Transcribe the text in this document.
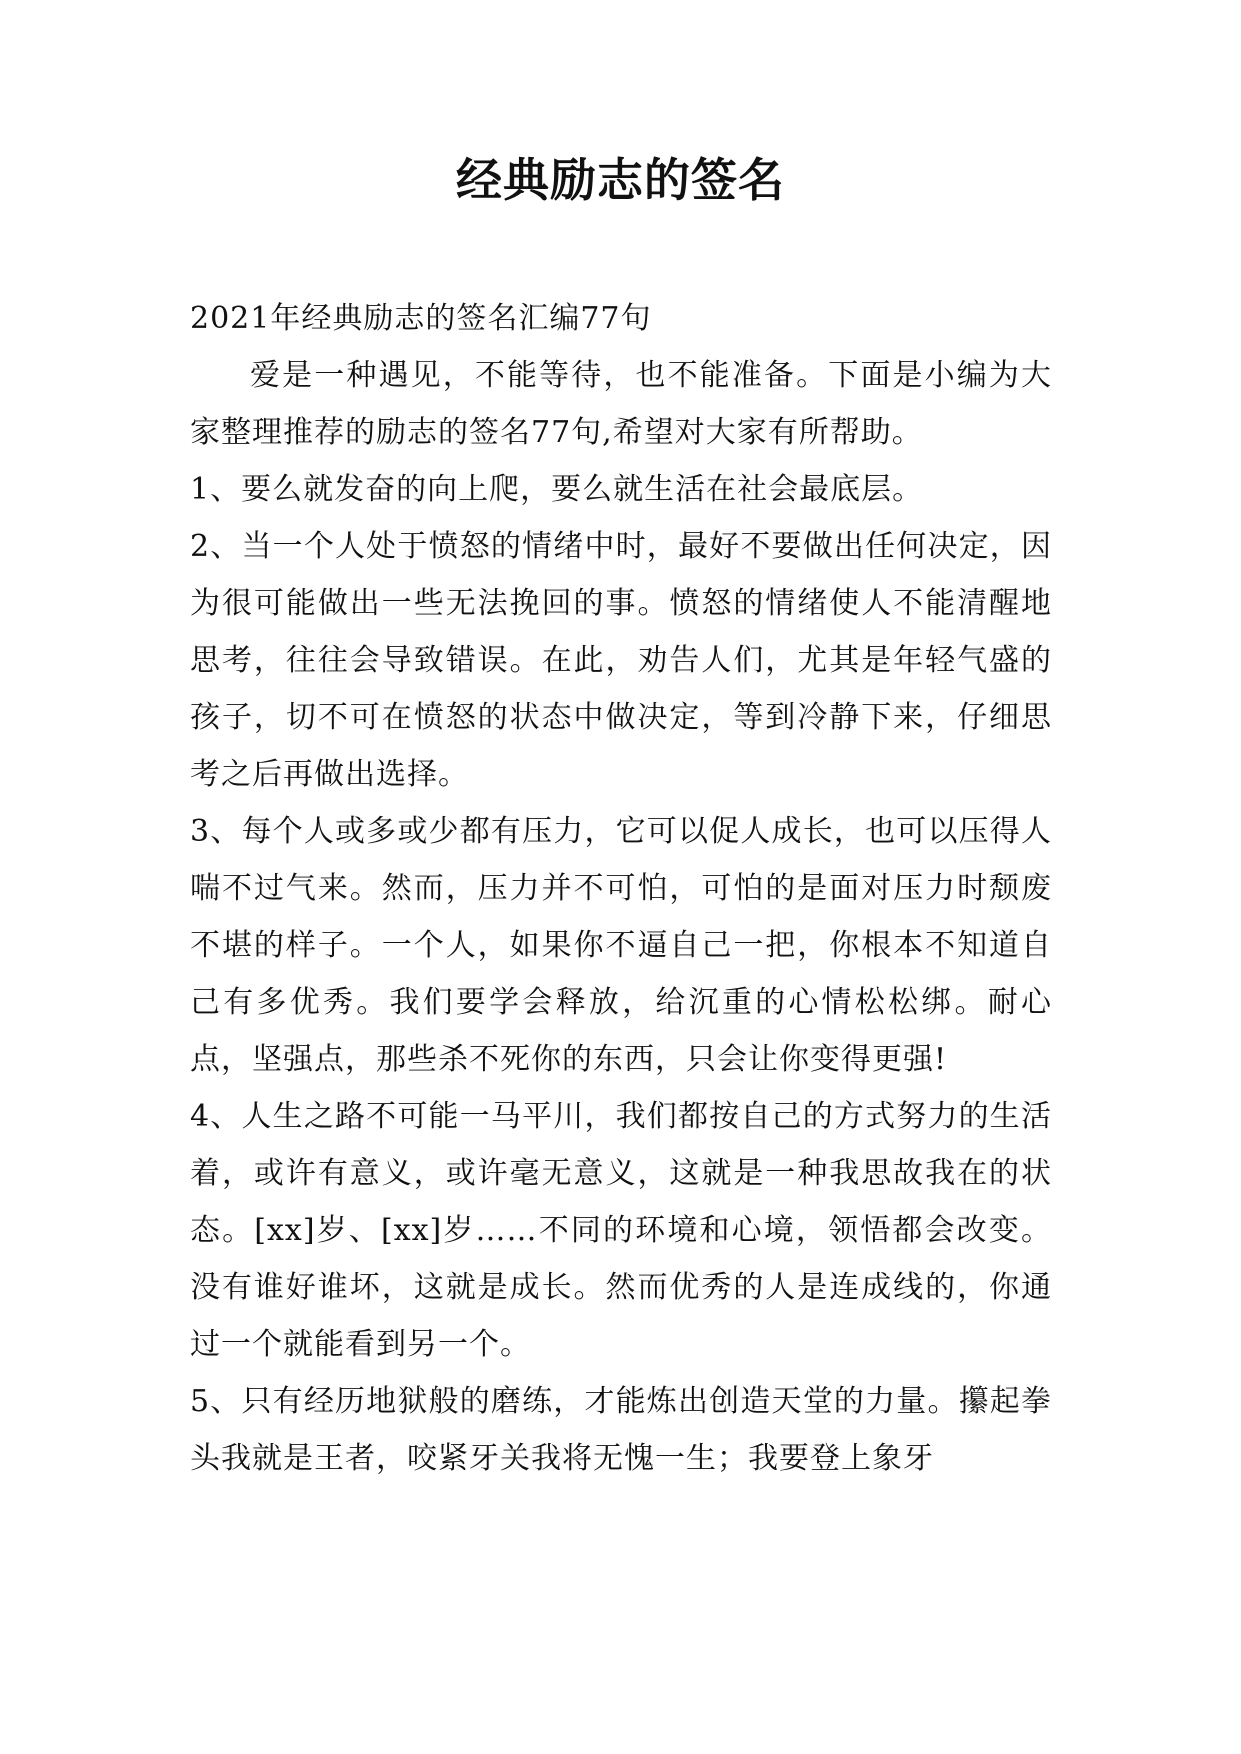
经典励志的签名

2021年经典励志的签名汇编77句

爱是一种遇见，不能等待，也不能准备。下面是小编为大家整理推荐的励志的签名77句,希望对大家有所帮助。

1、要么就发奋的向上爬，要么就生活在社会最底层。

2、当一个人处于愤怒的情绪中时，最好不要做出任何决定，因为很可能做出一些无法挽回的事。愤怒的情绪使人不能清醒地思考，往往会导致错误。在此，劝告人们，尤其是年轻气盛的孩子，切不可在愤怒的状态中做决定，等到冷静下来，仔细思考之后再做出选择。

3、每个人或多或少都有压力，它可以促人成长，也可以压得人喘不过气来。然而，压力并不可怕，可怕的是面对压力时颓废不堪的样子。一个人，如果你不逼自己一把，你根本不知道自己有多优秀。我们要学会释放，给沉重的心情松松绑。耐心点，坚强点，那些杀不死你的东西，只会让你变得更强!

4、人生之路不可能一马平川，我们都按自己的方式努力的生活着，或许有意义，或许毫无意义，这就是一种我思故我在的状态。[xx]岁、[xx]岁……不同的环境和心境，领悟都会改变。没有谁好谁坏，这就是成长。然而优秀的人是连成线的，你通过一个就能看到另一个。

5、只有经历地狱般的磨练，才能炼出创造天堂的力量。攥起拳头我就是王者，咬紧牙关我将无愧一生；我要登上象牙
